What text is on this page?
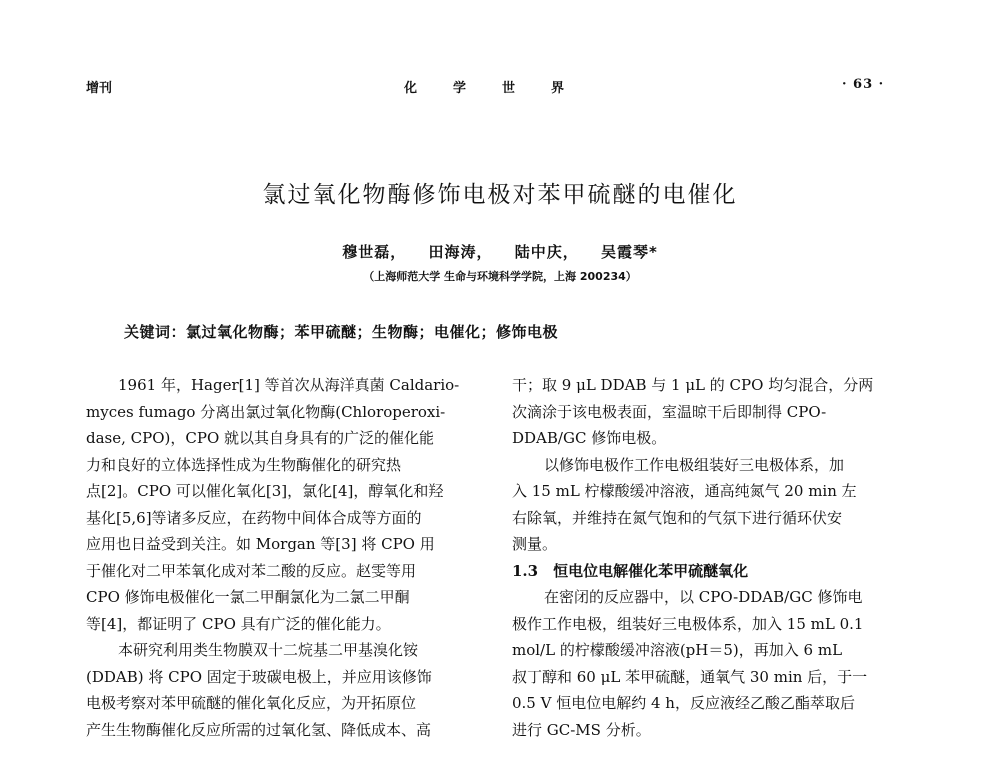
增刊	化	学	世	界	· 63 ·
氯过氧化物酶修饰电极对苯甲硫醚的电催化
穆世磊， 田海涛， 陆中庆， 吴霞琴*
（上海师范大学 生命与环境科学学院，上海 200234）
关键词：氯过氧化物酶；苯甲硫醚；生物酶；电催化；修饰电极
1961 年，Hager[1] 等首次从海洋真菌 Caldario-
myces fumago 分离出氯过氧化物酶(Chloroperoxi-
dase, CPO)，CPO 就以其自身具有的广泛的催化能
力和良好的立体选择性成为生物酶催化的研究热
点[2]。CPO 可以催化氧化[3]，氯化[4]，醇氧化和羟
基化[5,6]等诸多反应，在药物中间体合成等方面的
应用也日益受到关注。如 Morgan 等[3] 将 CPO 用
于催化对二甲苯氧化成对苯二酸的反应。赵雯等用
CPO 修饰电极催化一氯二甲酮氯化为二氯二甲酮
等[4]，都证明了 CPO 具有广泛的催化能力。
本研究利用类生物膜双十二烷基二甲基溴化铵
(DDAB) 将 CPO 固定于玻碳电极上，并应用该修饰
电极考察对苯甲硫醚的催化氧化反应，为开拓原位
产生生物酶催化反应所需的过氧化氢、降低成本、高
干；取 9 μL DDAB 与 1 μL 的 CPO 均匀混合，分两
次滴涂于该电极表面，室温晾干后即制得 CPO-
DDAB/GC 修饰电极。
以修饰电极作工作电极组装好三电极体系，加
入 15 mL 柠檬酸缓冲溶液，通高纯氮气 20 min 左
右除氧，并维持在氮气饱和的气氛下进行循环伏安
测量。
1.3　恒电位电解催化苯甲硫醚氧化
在密闭的反应器中，以 CPO-DDAB/GC 修饰电
极作工作电极，组装好三电极体系，加入 15 mL 0.1
mol/L 的柠檬酸缓冲溶液(pH＝5)，再加入 6 mL
叔丁醇和 60 μL 苯甲硫醚，通氧气 30 min 后，于一
0.5 V 恒电位电解约 4 h，反应液经乙酸乙酯萃取后
进行 GC-MS 分析。
